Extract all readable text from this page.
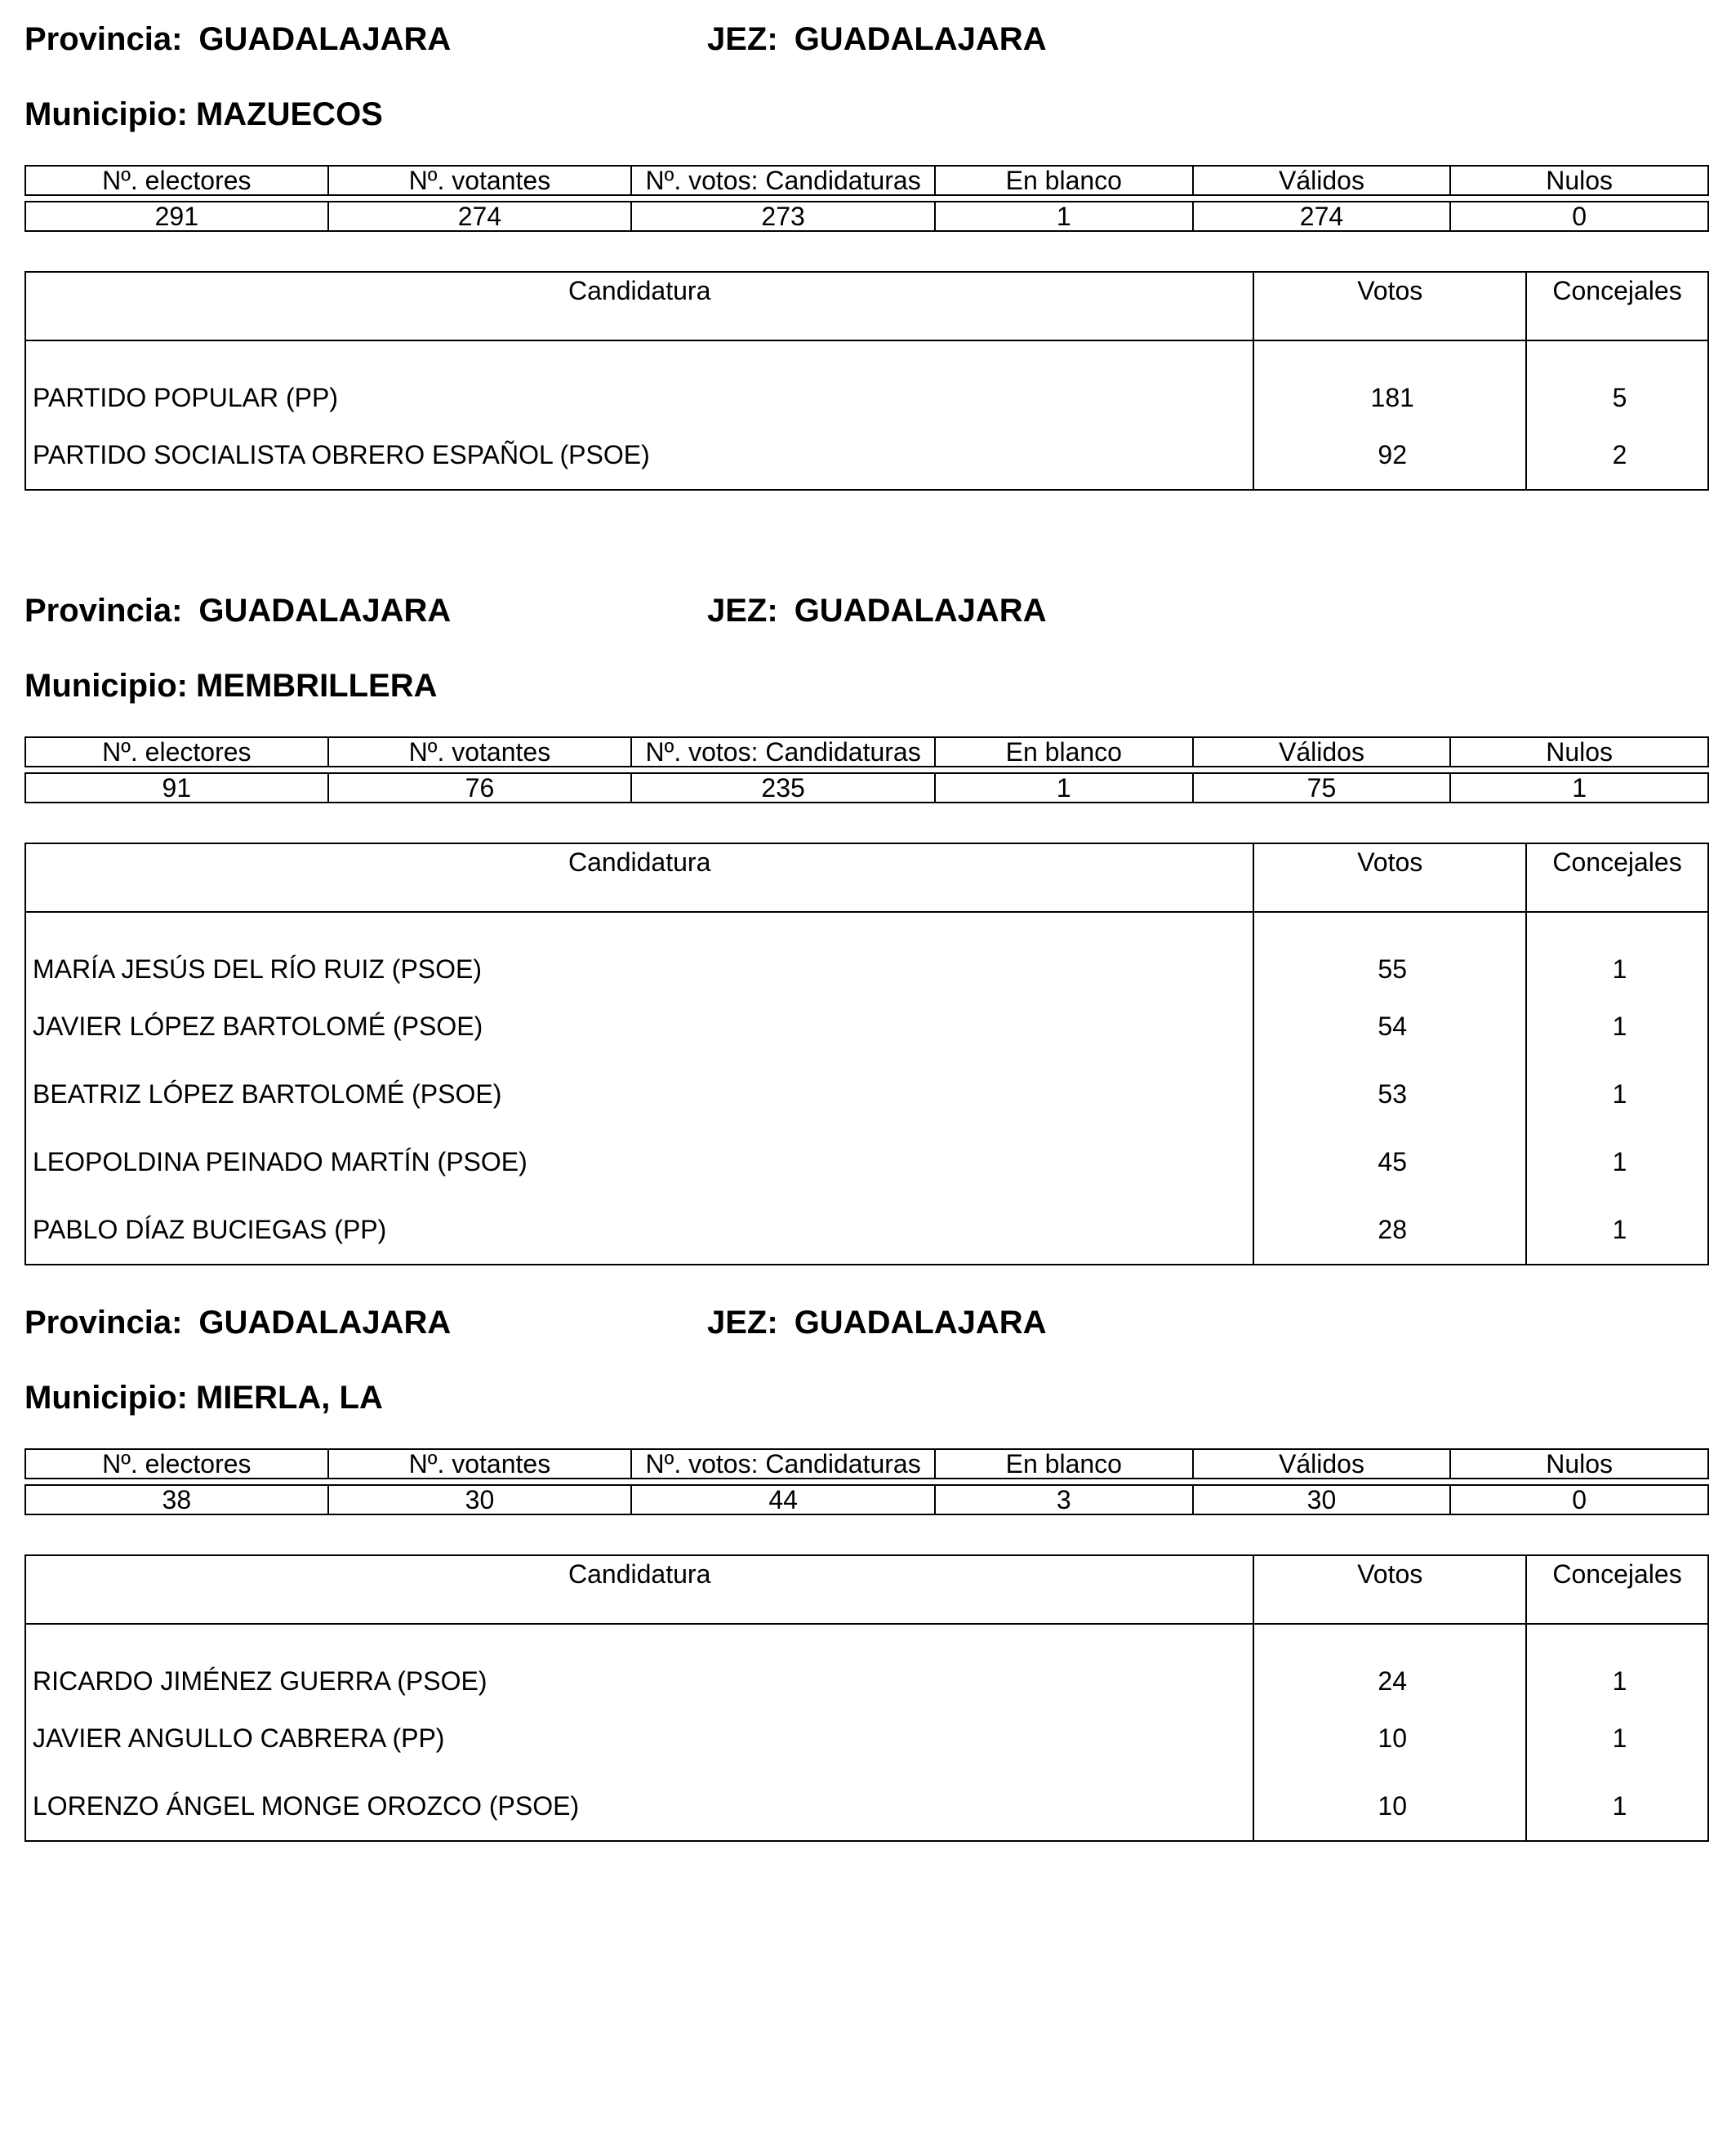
Provincia: GUADALAJARA	JEZ: GUADALAJARA
Municipio: MAZUECOS
Nº. electores	Nº. votantes	Nº. votos: Candidaturas	En blanco	Válidos	Nulos

291	274	273	1	274	0
Candidatura	Votos	Concejales
PARTIDO POPULAR (PP)	181	5
PARTIDO SOCIALISTA OBRERO ESPAÑOL (PSOE)	92	2
Provincia: GUADALAJARA	JEZ: GUADALAJARA
Municipio: MEMBRILLERA
Nº. electores	Nº. votantes	Nº. votos: Candidaturas	En blanco	Válidos	Nulos

91	76	235	1	75	1
Candidatura	Votos	Concejales
MARÍA JESÚS DEL RÍO RUIZ (PSOE)	55	1
JAVIER LÓPEZ BARTOLOMÉ (PSOE)	54	1
BEATRIZ LÓPEZ BARTOLOMÉ (PSOE)	53	1
LEOPOLDINA PEINADO MARTÍN (PSOE)	45	1
PABLO DÍAZ BUCIEGAS (PP)	28	1
Provincia: GUADALAJARA	JEZ: GUADALAJARA
Municipio: MIERLA, LA
Nº. electores	Nº. votantes	Nº. votos: Candidaturas	En blanco	Válidos	Nulos

38	30	44	3	30	0
Candidatura	Votos	Concejales
RICARDO JIMÉNEZ GUERRA (PSOE)	24	1
JAVIER ANGULLO CABRERA (PP)	10	1
LORENZO ÁNGEL MONGE OROZCO (PSOE)	10	1
